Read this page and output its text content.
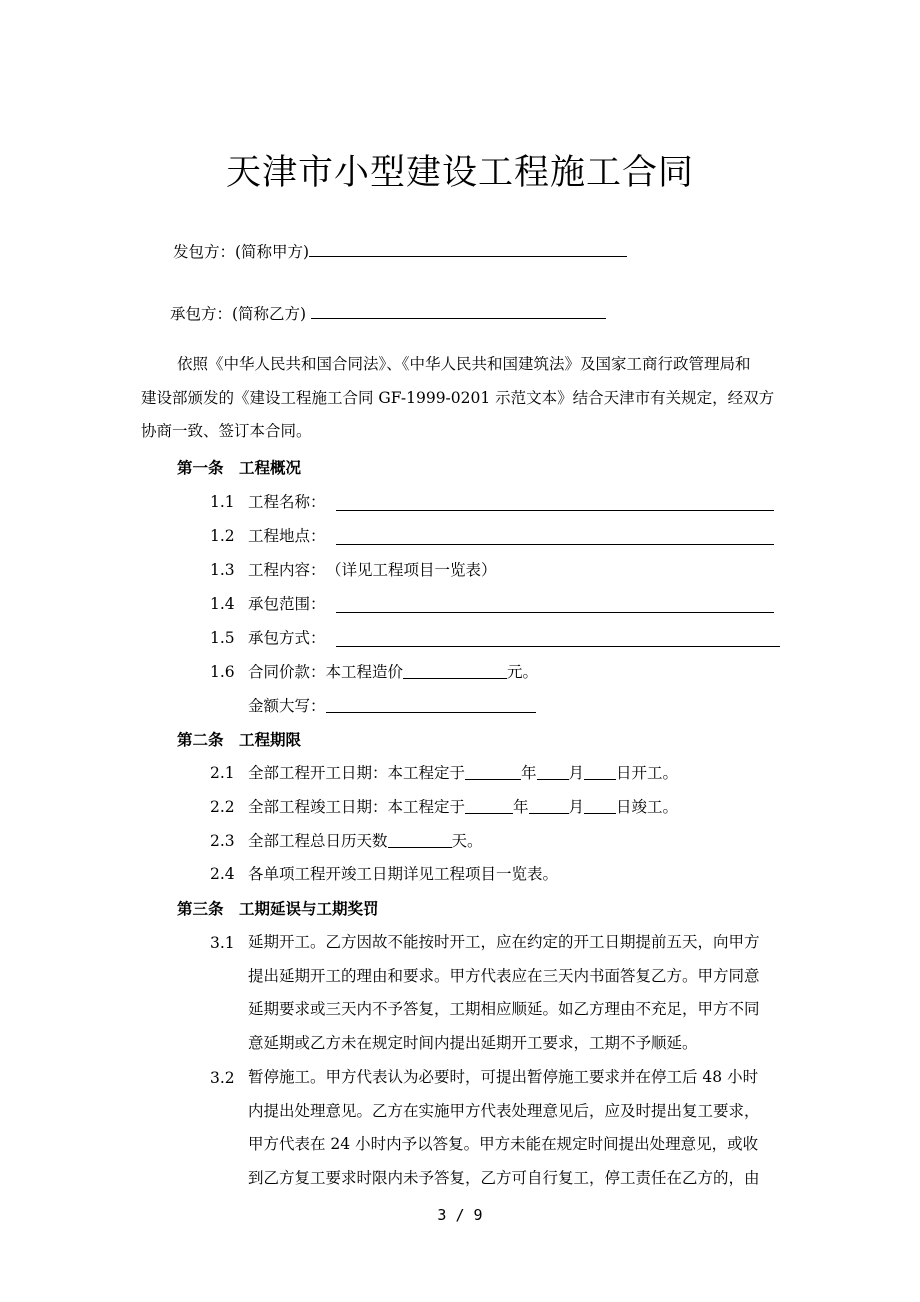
天津市小型建设工程施工合同
发包方：(简称甲方)
承包方：(简称乙方)

依照《中华人民共和国合同法》、《中华人民共和国建筑法》及国家工商行政管理局和

建设部颁发的《建设工程施工合同 GF-1999-0201 示范文本》结合天津市有关规定，经双方

协商一致、签订本合同。

第一条　工程概况
1.1 工程名称：
1.2 工程地点：
1.3 工程内容： （详见工程项目一览表）
1.4 承包范围：
1.5 承包方式：
1.6 合同价款：本工程造价	元。
金额大写：
第二条　工程期限
2.1 全部工程开工日期：本工程定于	年 月 日开工。
2.2 全部工程竣工日期：本工程定于	年	月 日竣工。
2.3 全部工程总日历天数	天。
2.4 各单项工程开竣工日期详见工程项目一览表。
第三条　工期延误与工期奖罚
3.1 延期开工。乙方因故不能按时开工，应在约定的开工日期提前五天，向甲方
提出延期开工的理由和要求。甲方代表应在三天内书面答复乙方。甲方同意
延期要求或三天内不予答复，工期相应顺延。如乙方理由不充足，甲方不同
意延期或乙方未在规定时间内提出延期开工要求，工期不予顺延。
3.2 暂停施工。甲方代表认为必要时，可提出暂停施工要求并在停工后 48 小时
内提出处理意见。乙方在实施甲方代表处理意见后，应及时提出复工要求，
甲方代表在 24 小时内予以答复。甲方未能在规定时间提出处理意见，或收
到乙方复工要求时限内未予答复，乙方可自行复工，停工责任在乙方的，由
3 / 9
